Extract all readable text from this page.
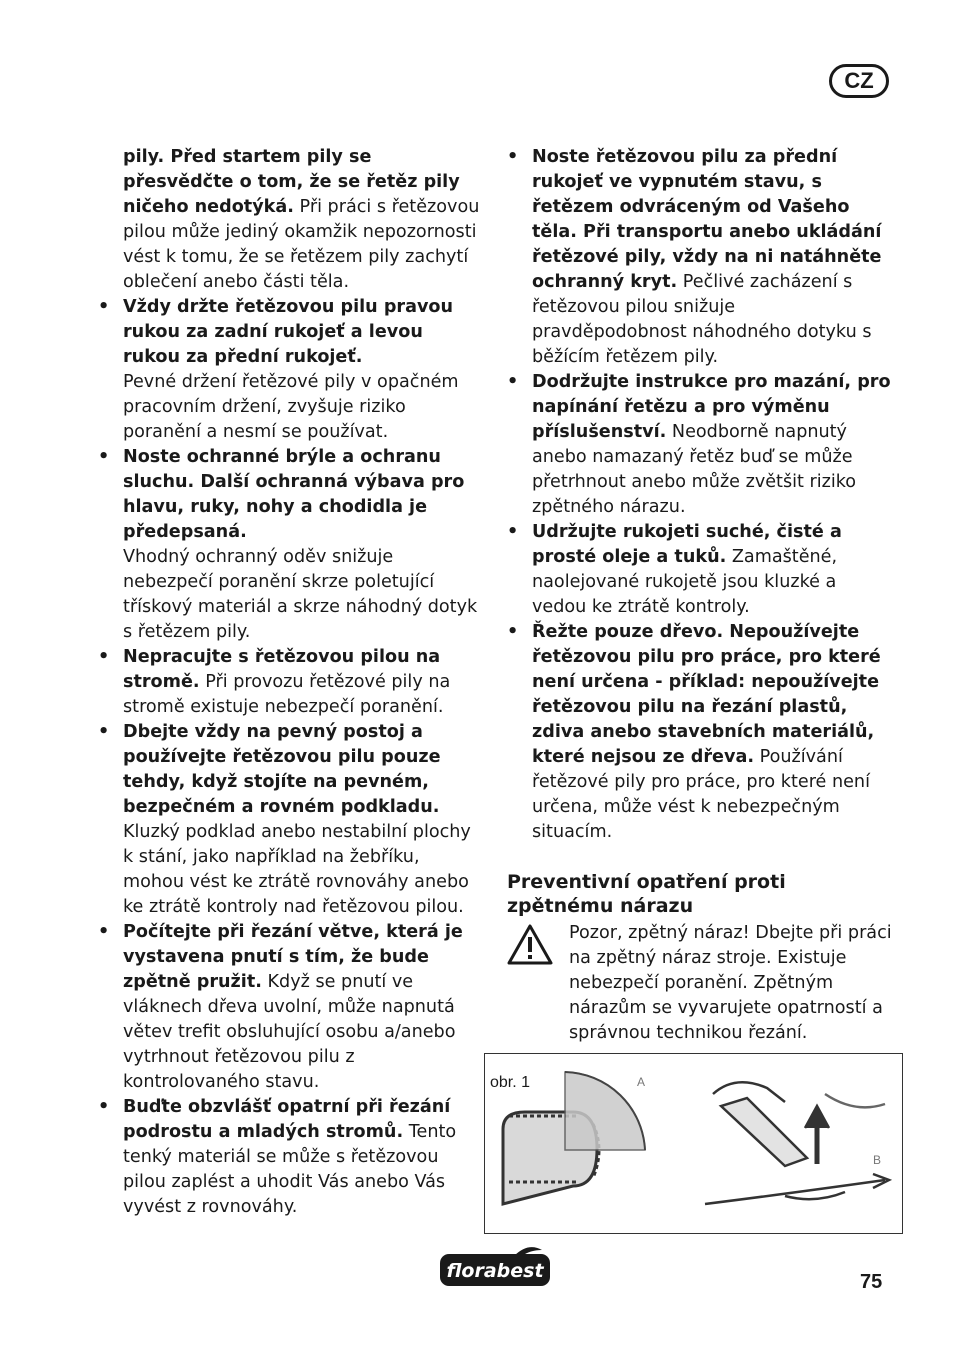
CZ
pily. Před startem pily se přesvědčte o tom, že se řetěz pily ničeho nedotýká. Při práci s řetězovou pilou může jediný okamžik nepozornosti vést k tomu, že se řetězem pily zachytí oblečení anebo části těla.
• Vždy držte řetězovou pilu pravou rukou za zadní rukojeť a levou rukou za přední rukojeť.
Pevné držení řetězové pily v opačném pracovním držení, zvyšuje riziko poranění a nesmí se používat.
• Noste ochranné brýle a ochranu sluchu. Další ochranná výbava pro hlavu, ruky, nohy a chodidla je předepsaná.
Vhodný ochranný oděv snižuje nebezpečí poranění skrze poletující třískový materiál a skrze náhodný dotyk s řetězem pily.
• Nepracujte s řetězovou pilou na stromě. Při provozu řetězové pily na stromě existuje nebezpečí poranění.
• Dbejte vždy na pevný postoj a používejte řetězovou pilu pouze tehdy, když stojíte na pevném, bezpečném a rovném podkladu.
Kluzký podklad anebo nestabilní plochy k stání, jako například na žebříku, mohou vést ke ztrátě rovnováhy anebo ke ztrátě kontroly nad řetězovou pilou.
• Počítejte při řezání větve, která je vystavena pnutí s tím, že bude zpětně pružit. Když se pnutí ve vláknech dřeva uvolní, může napnutá větev trefit obsluhující osobu a/anebo vytrhnout řetězovou pilu z kontrolovaného stavu.
• Buďte obzvlášť opatrní při řezání podrostu a mladých stromů. Tento tenký materiál se může s řetězovou pilou zaplést a uhodit Vás anebo Vás vyvést z rovnováhy.
• Noste řetězovou pilu za přední rukojeť ve vypnutém stavu, s řetězem odvráceným od Vašeho těla. Při transportu anebo ukládání řetězové pily, vždy na ni natáhněte ochranný kryt. Pečlivé zacházení s řetězovou pilou snižuje pravděpodobnost náhodného dotyku s běžícím řetězem pily.
• Dodržujte instrukce pro mazání, pro napínání řetězu a pro výměnu příslušenství. Neodborně napnutý anebo namazaný řetěz buď se může přetrhnout anebo může zvětšit riziko zpětného nárazu.
• Udržujte rukojeti suché, čisté a prosté oleje a tuků. Zamaštěné, naolejované rukojetě jsou kluzké a vedou ke ztrátě kontroly.
• Řežte pouze dřevo. Nepoužívejte řetězovou pilu pro práce, pro které není určena - příklad: nepoužívejte řetězovou pilu na řezání plastů, zdiva anebo stavebních materiálů, které nejsou ze dřeva. Používání řetězové pily pro práce, pro které není určena, může vést k nebezpečným situacím.
Preventivní opatření proti zpětnému nárazu
Pozor, zpětný náraz! Dbejte při práci na zpětný náraz stroje. Existuje nebezpečí poranění. Zpětným nárazům se vyvarujete opatrností a správnou technikou řezání.
A
B
obr. 1
florabest	75
